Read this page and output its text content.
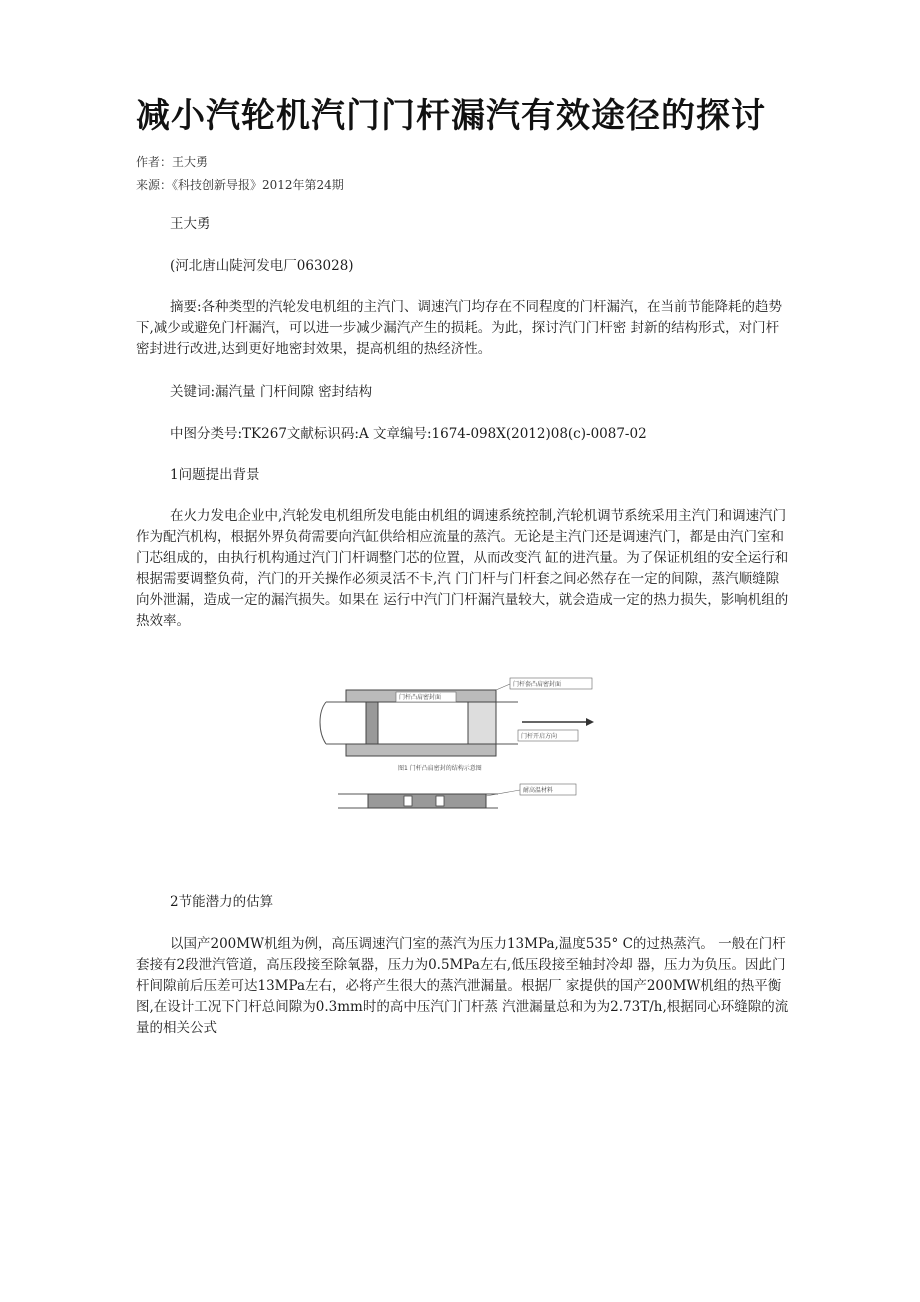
减小汽轮机汽门门杆漏汽有效途径的探讨
作者：王大勇
来源：《科技创新导报》2012年第24期

王大勇

(河北唐山陡河发电厂063028)

摘要:各种类型的汽轮发电机组的主汽门、调速汽门均存在不同程度的门杆漏汽，在当前节能降耗的趋势下,减少或避免门杆漏汽，可以进一步减少漏汽产生的损耗。为此，探讨汽门门杆密 封新的结构形式，对门杆密封进行改进,达到更好地密封效果，提高机组的热经济性。

关键词:漏汽量 门杆间隙 密封结构

中图分类号:TK267文献标识码:A 文章编号:1674-098X(2012)08(c)-0087-02

1问题提出背景

在火力发电企业中,汽轮发电机组所发电能由机组的调速系统控制,汽轮机调节系统采用主汽门和调速汽门作为配汽机构，根据外界负荷需要向汽缸供给相应流量的蒸汽。无论是主汽门还是调速汽门，都是由汽门室和门芯组成的，由执行机构通过汽门门杆调整门芯的位置，从而改变汽 缸的进汽量。为了保证机组的安全运行和根据需要调整负荷，汽门的开关操作必须灵活不卡,汽 门门杆与门杆套之间必然存在一定的间隙，蒸汽顺缝隙向外泄漏，造成一定的漏汽损失。如果在 运行中汽门门杆漏汽量较大，就会造成一定的热力损失，影响机组的热效率。

门杆凸肩密封面
门杆套凸肩密封面
门杆开启方向
图1 门杆凸肩密封的结构示意图
耐高温材料

2节能潜力的估算

以国产200MW机组为例，高压调速汽门室的蒸汽为压力13MPa,温度535° C的过热蒸汽。 一般在门杆套接有2段泄汽管道，高压段接至除氧器，压力为0.5MPa左右,低压段接至轴封冷却 器，压力为负压。因此门杆间隙前后压差可达13MPa左右，必将产生很大的蒸汽泄漏量。根据厂 家提供的国产200MW机组的热平衡图,在设计工况下门杆总间隙为0.3mm时的高中压汽门门杆蒸 汽泄漏量总和为为2.73T/h,根据同心环缝隙的流量的相关公式
